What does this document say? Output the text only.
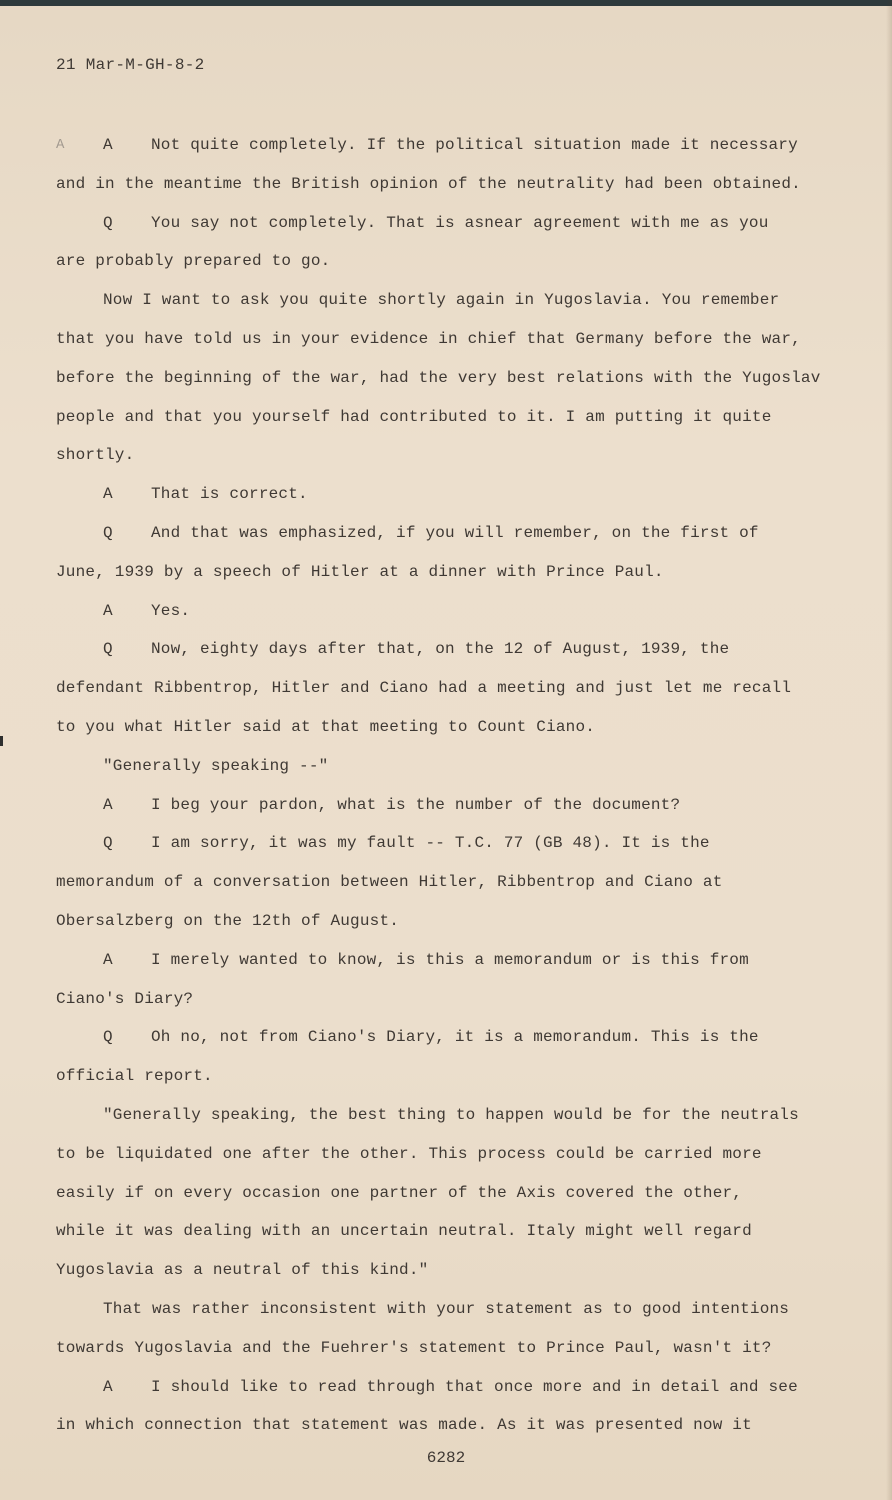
21 Mar-M-GH-8-2
A A Not quite completely. If the political situation made it necessary
and in the meantime the British opinion of the neutrality had been obtained.
Q You say not completely. That is asnear agreement with me as you
are probably prepared to go.
Now I want to ask you quite shortly again in Yugoslavia. You remember
that you have told us in your evidence in chief that Germany before the war,
before the beginning of the war, had the very best relations with the Yugoslav
people and that you yourself had contributed to it. I am putting it quite
shortly.
A That is correct.
Q And that was emphasized, if you will remember, on the first of
June, 1939 by a speech of Hitler at a dinner with Prince Paul.
A Yes.
Q Now, eighty days after that, on the 12 of August, 1939, the
defendant Ribbentrop, Hitler and Ciano had a meeting and just let me recall
to you what Hitler said at that meeting to Count Ciano.
"Generally speaking --"
A I beg your pardon, what is the number of the document?
Q I am sorry, it was my fault -- T.C. 77 (GB 48). It is the
memorandum of a conversation between Hitler, Ribbentrop and Ciano at
Obersalzberg on the 12th of August.
A I merely wanted to know, is this a memorandum or is this from
Ciano's Diary?
Q Oh no, not from Ciano's Diary, it is a memorandum. This is the
official report.
"Generally speaking, the best thing to happen would be for the neutrals
to be liquidated one after the other. This process could be carried more
easily if on every occasion one partner of the Axis covered the other,
while it was dealing with an uncertain neutral. Italy might well regard
Yugoslavia as a neutral of this kind."
That was rather inconsistent with your statement as to good intentions
towards Yugoslavia and the Fuehrer's statement to Prince Paul, wasn't it?
A I should like to read through that once more and in detail and see
in which connection that statement was made. As it was presented now it
6282
